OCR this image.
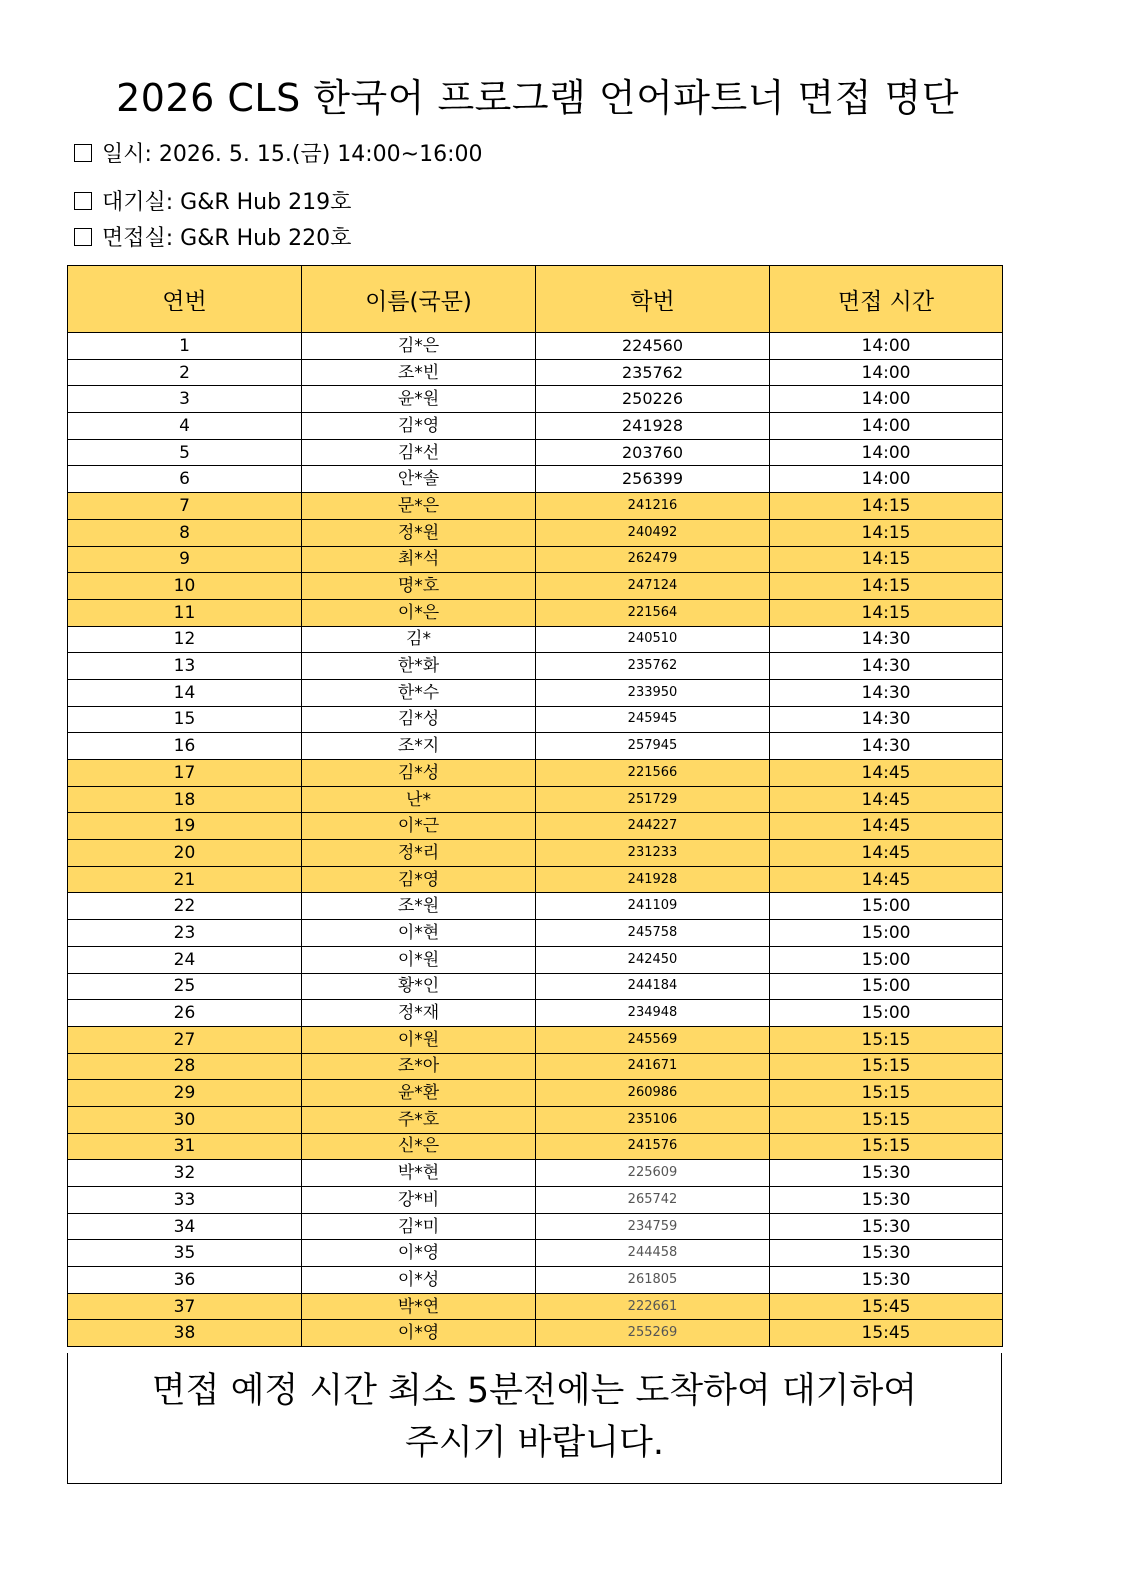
2026 CLS 한국어 프로그램 언어파트너 면접 명단
일시: 2026. 5. 15.(금) 14:00~16:00
대기실: G&R Hub 219호
면접실: G&R Hub 220호
연번	이름(국문)	학번	면접 시간
1	김*은	224560	14:00
2	조*빈	235762	14:00
3	윤*원	250226	14:00
4	김*영	241928	14:00
5	김*선	203760	14:00
6	안*솔	256399	14:00
7	문*은	241216	14:15
8	정*원	240492	14:15
9	최*석	262479	14:15
10	명*호	247124	14:15
11	이*은	221564	14:15
12	김*	240510	14:30
13	한*화	235762	14:30
14	한*수	233950	14:30
15	김*성	245945	14:30
16	조*지	257945	14:30
17	김*성	221566	14:45
18	난*	251729	14:45
19	이*근	244227	14:45
20	정*리	231233	14:45
21	김*영	241928	14:45
22	조*원	241109	15:00
23	이*현	245758	15:00
24	이*원	242450	15:00
25	황*인	244184	15:00
26	정*재	234948	15:00
27	이*원	245569	15:15
28	조*아	241671	15:15
29	윤*환	260986	15:15
30	주*호	235106	15:15
31	신*은	241576	15:15
32	박*현	225609	15:30
33	강*비	265742	15:30
34	김*미	234759	15:30
35	이*영	244458	15:30
36	이*성	261805	15:30
37	박*연	222661	15:45
38	이*영	255269	15:45
면접 예정 시간 최소 5분전에는 도착하여 대기하여
주시기 바랍니다.
